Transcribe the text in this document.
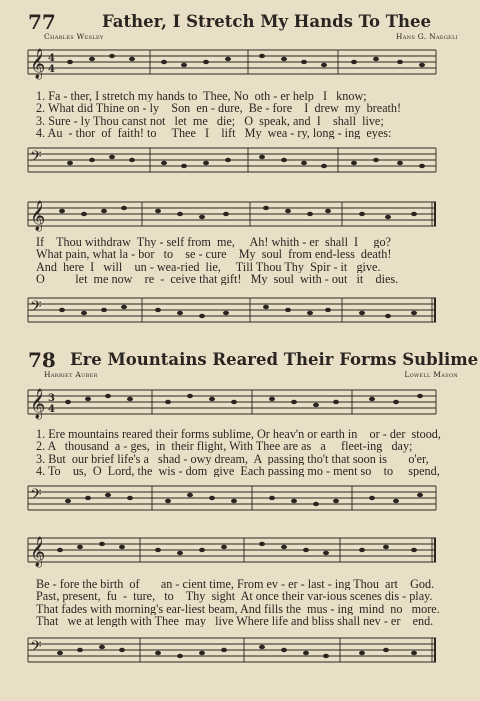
77	Father, I Stretch My Hands To Thee
Charles Wesley	Hans G. Naegeli
𝄞 4
4
1. Fa - ther, I stretch my hands to  Thee, No  oth - er help   I   know;
2. What did Thine on - ly    Son  en - dure,  Be - fore    I  drew  my  breath!
3. Sure - ly Thou canst not   let  me   die;   O  speak, and  I    shall  live;
4. Au  - thor  of  faith! to     Thee   I    lift   My  wea - ry, long - ing  eyes:
𝄢
𝄞
If    Thou withdraw  Thy - self from  me,     Ah! whith - er  shall  I     go?
What pain, what la - bor   to    se - cure    My  soul  from end-less  death!
And  here  I   will    un - wea-ried  lie,     Till Thou Thy  Spir - it   give.
O          let  me now    re  -  ceive that gift!   My  soul  with - out   it    dies.
𝄢
78 Ere Mountains Reared Their Forms Sublime
Harriet Auber	Lowell Mason
𝄞 3
4
1. Ere mountains reared their forms sublime, Or heav'n or earth in    or - der  stood,
2. A   thousand  a - ges,  in  their flight, With Thee are as   a     fleet-ing   day;
3. But  our brief life's a   shad - owy dream,  A  passing tho't that soon is       o'er,
4. To    us,  O  Lord, the  wis - dom  give  Each passing mo - ment so    to     spend,
𝄢
𝄞
Be - fore the birth  of       an - cient time, From ev - er - last - ing Thou  art    God.
Past, present,  fu  -  ture,   to    Thy  sight  At once their var-ious scenes dis - play.
That fades with morning's ear-liest beam, And fills the  mus - ing  mind  no   more.
That   we at length with Thee  may   live Where life and bliss shall nev - er    end.
𝄢
